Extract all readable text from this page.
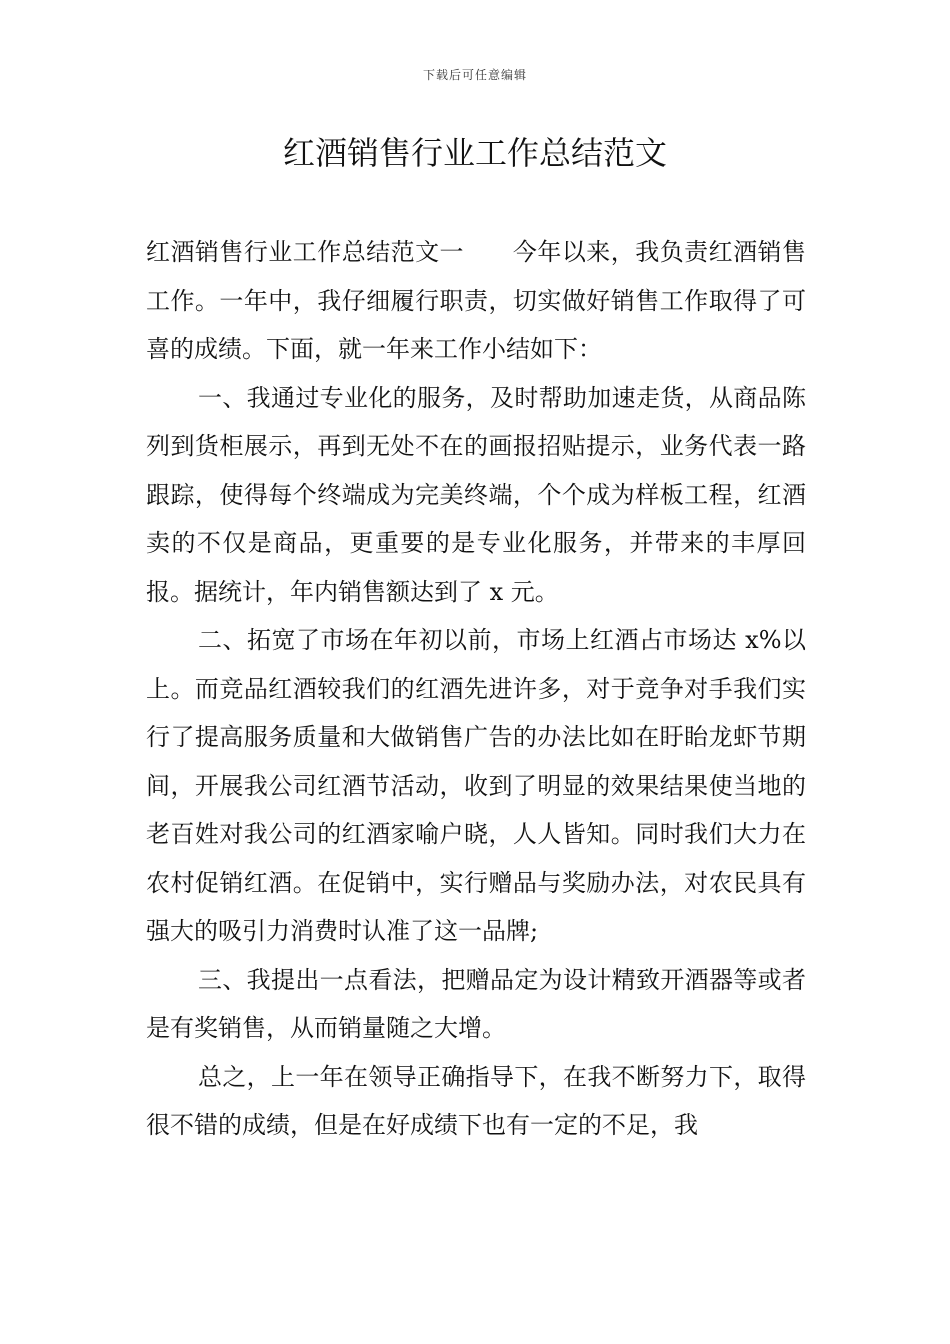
下载后可任意编辑
红酒销售行业工作总结范文

红酒销售行业工作总结范文一　　今年以来，我负责红酒销售工作。一年中，我仔细履行职责，切实做好销售工作取得了可喜的成绩。下面，就一年来工作小结如下：

一、我通过专业化的服务，及时帮助加速走货，从商品陈列到货柜展示，再到无处不在的画报招贴提示，业务代表一路跟踪，使得每个终端成为完美终端，个个成为样板工程，红酒卖的不仅是商品，更重要的是专业化服务，并带来的丰厚回报。据统计，年内销售额达到了 x 元。

二、拓宽了市场在年初以前，市场上红酒占市场达 x%以上。而竞品红酒较我们的红酒先进许多，对于竞争对手我们实行了提高服务质量和大做销售广告的办法比如在盱眙龙虾节期间，开展我公司红酒节活动，收到了明显的效果结果使当地的老百姓对我公司的红酒家喻户晓，人人皆知。同时我们大力在农村促销红酒。在促销中，实行赠品与奖励办法，对农民具有强大的吸引力消费时认准了这一品牌;

三、我提出一点看法，把赠品定为设计精致开酒器等或者是有奖销售，从而销量随之大增。

总之，上一年在领导正确指导下，在我不断努力下，取得很不错的成绩，但是在好成绩下也有一定的不足，我
